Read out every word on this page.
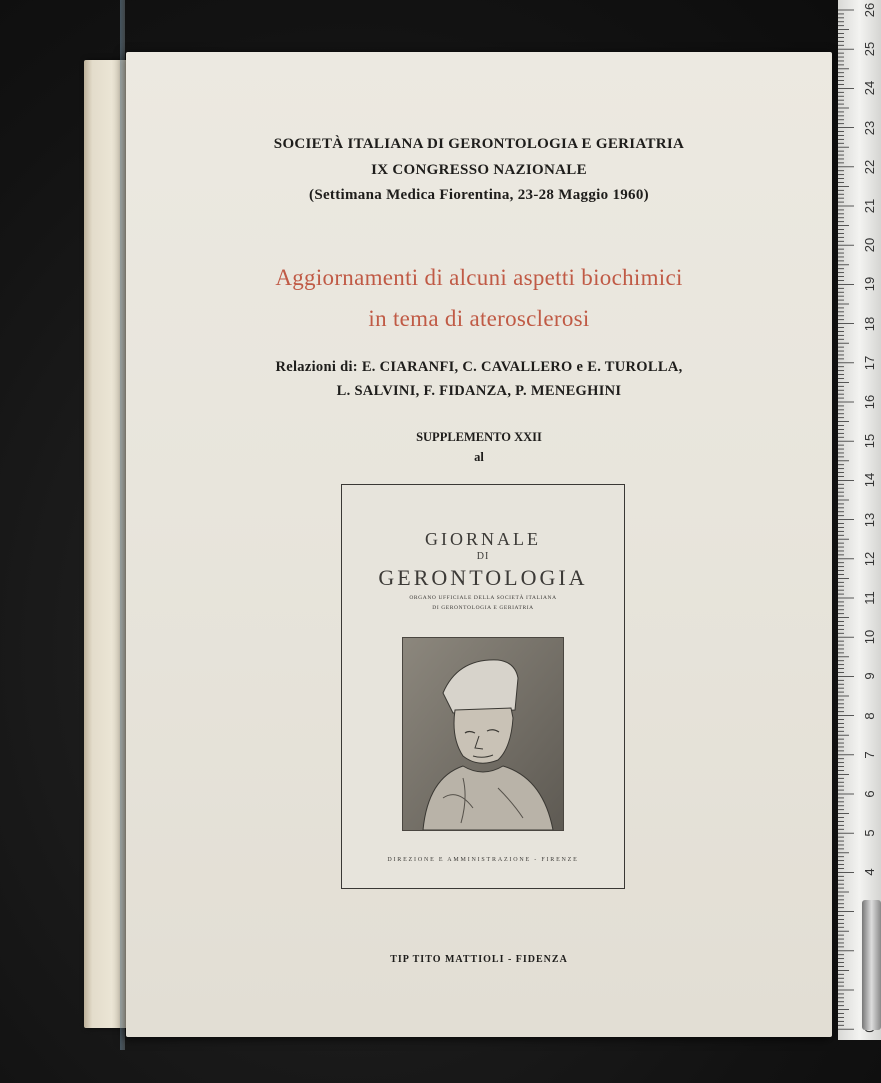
SOCIETÀ ITALIANA DI GERONTOLOGIA E GERIATRIA
IX CONGRESSO NAZIONALE
(Settimana Medica Fiorentina, 23-28 Maggio 1960)
Aggiornamenti di alcuni aspetti biochimici
in tema di aterosclerosi
Relazioni di: E. CIARANFI, C. CAVALLERO e E. TUROLLA,
L. SALVINI, F. FIDANZA, P. MENEGHINI
SUPPLEMENTO XXII
al
GIORNALE
DI
GERONTOLOGIA
ORGANO UFFICIALE DELLA SOCIETÀ ITALIANA
DI GERONTOLOGIA E GERIATRIA
DIREZIONE E AMMINISTRAZIONE - FIRENZE
TIP TITO MATTIOLI - FIDENZA
26
25
24
23
22
21
20
19
18
17
16
15
14
13
12
11
10
9
8
7
6
5
4
